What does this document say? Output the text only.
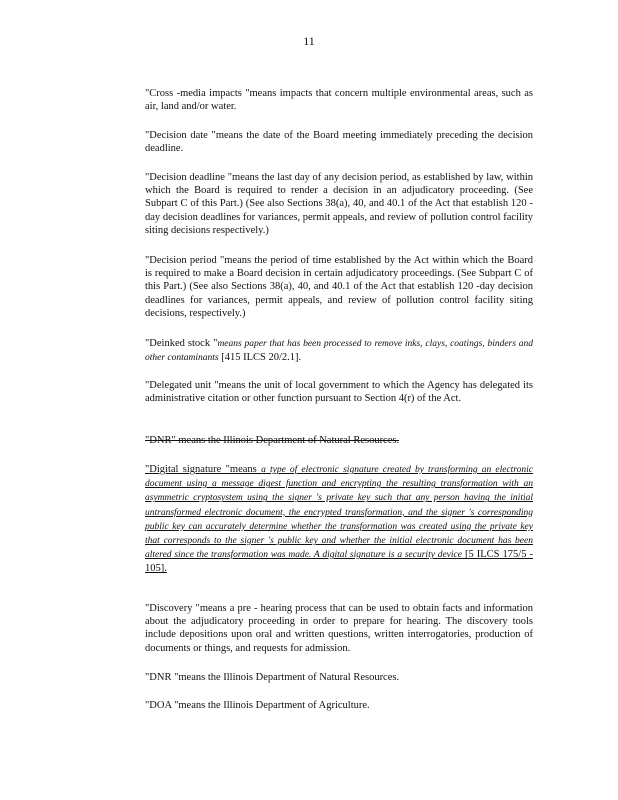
11

"Cross -media impacts "means impacts that concern multiple environmental areas, such as air, land and/or water.

"Decision date "means the date of the Board meeting immediately preceding the decision deadline.

"Decision deadline "means the last day of any decision period, as established by law, within which the Board is required to render a decision in an adjudicatory proceeding. (See Subpart C of this Part.) (See also Sections 38(a), 40, and 40.1 of the Act that establish 120 -day decision deadlines for variances, permit appeals, and review of pollution control facility siting decisions respectively.)

"Decision period "means the period of time established by the Act within which the Board is required to make a Board decision in certain adjudicatory proceedings. (See Subpart C of this Part.) (See also Sections 38(a), 40, and 40.1 of the Act that establish 120 -day decision deadlines for variances, permit appeals, and review of pollution control facility siting decisions, respectively.)

"Deinked stock "means paper that has been processed to remove inks, clays, coatings, binders and other contaminants [415 ILCS 20/2.1].

"Delegated unit "means the unit of local government to which the Agency has delegated its administrative citation or other function pursuant to Section 4(r) of the Act.

"DNR" means the Illinois Department of Natural Resources.

"Digital signature "means a type of electronic signature created by transforming an electronic document using a message digest function and encrypting the resulting transformation with an asymmetric cryptosystem using the signer 's private key such that any person having the initial untransformed electronic document, the encrypted transformation, and the signer 's corresponding public key can accurately determine whether the transformation was created using the private key that corresponds to the signer 's public key and whether the initial electronic document has been altered since the transformation was made. A digital signature is a security device [5 ILCS 175/5 - 105].

"Discovery "means a pre - hearing process that can be used to obtain facts and information about the adjudicatory proceeding in order to prepare for hearing. The discovery tools include depositions upon oral and written questions, written interrogatories, production of documents or things, and requests for admission.

"DNR "means the Illinois Department of Natural Resources.

"DOA "means the Illinois Department of Agriculture.
